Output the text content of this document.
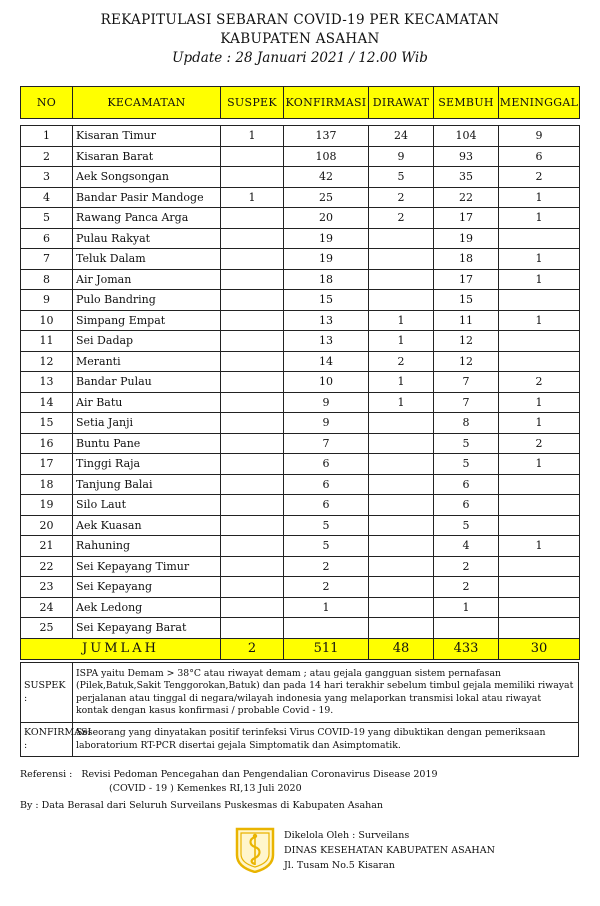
REKAPITULASI SEBARAN COVID-19 PER KECAMATAN
KABUPATEN ASAHAN
Update : 28 Januari 2021 / 12.00 Wib
NO	KECAMATAN	SUSPEK	KONFIRMASI	DIRAWAT	SEMBUH	MENINGGAL

1	Kisaran Timur	1	137	24	104	9
2	Kisaran Barat		108	9	93	6
3	Aek Songsongan		42	5	35	2
4	Bandar Pasir Mandoge	1	25	2	22	1
5	Rawang Panca Arga		20	2	17	1
6	Pulau Rakyat		19		19	
7	Teluk Dalam		19		18	1
8	Air Joman		18		17	1
9	Pulo Bandring		15		15	
10	Simpang Empat		13	1	11	1
11	Sei Dadap		13	1	12	
12	Meranti		14	2	12	
13	Bandar Pulau		10	1	7	2
14	Air Batu		9	1	7	1
15	Setia Janji		9		8	1
16	Buntu Pane		7		5	2
17	Tinggi Raja		6		5	1
18	Tanjung Balai		6		6	
19	Silo Laut		6		6	
20	Aek Kuasan		5		5	
21	Rahuning		5		4	1
22	Sei Kepayang Timur		2		2	
23	Sei Kepayang		2		2	
24	Aek Ledong		1		1	
25	Sei Kepayang Barat					
JUMLAH		2	511	48	433	30
SUSPEK :	ISPA yaitu Demam > 38°C atau riwayat demam ; atau gejala gangguan sistem pernafasan (Pilek,Batuk,Sakit Tenggorokan,Batuk) dan pada 14 hari terakhir sebelum timbul gejala memiliki riwayat perjalanan atau tinggal di negara/wilayah indonesia yang melaporkan transmisi lokal atau riwayat kontak dengan kasus konfirmasi / probable Covid - 19.
KONFIRMASI :	Seseorang yang dinyatakan positif terinfeksi Virus COVID-19 yang dibuktikan dengan pemeriksaan laboratorium RT-PCR disertai gejala Simptomatik dan Asimptomatik.
Referensi :   Revisi Pedoman Pencegahan dan Pengendalian Coronavirus Disease 2019
(COVID - 19 ) Kemenkes RI,13 Juli 2020
By : Data Berasal dari Seluruh Surveilans Puskesmas di Kabupaten Asahan
Dikelola Oleh : Surveilans
DINAS KESEHATAN KABUPATEN ASAHAN
Jl. Tusam No.5 Kisaran
